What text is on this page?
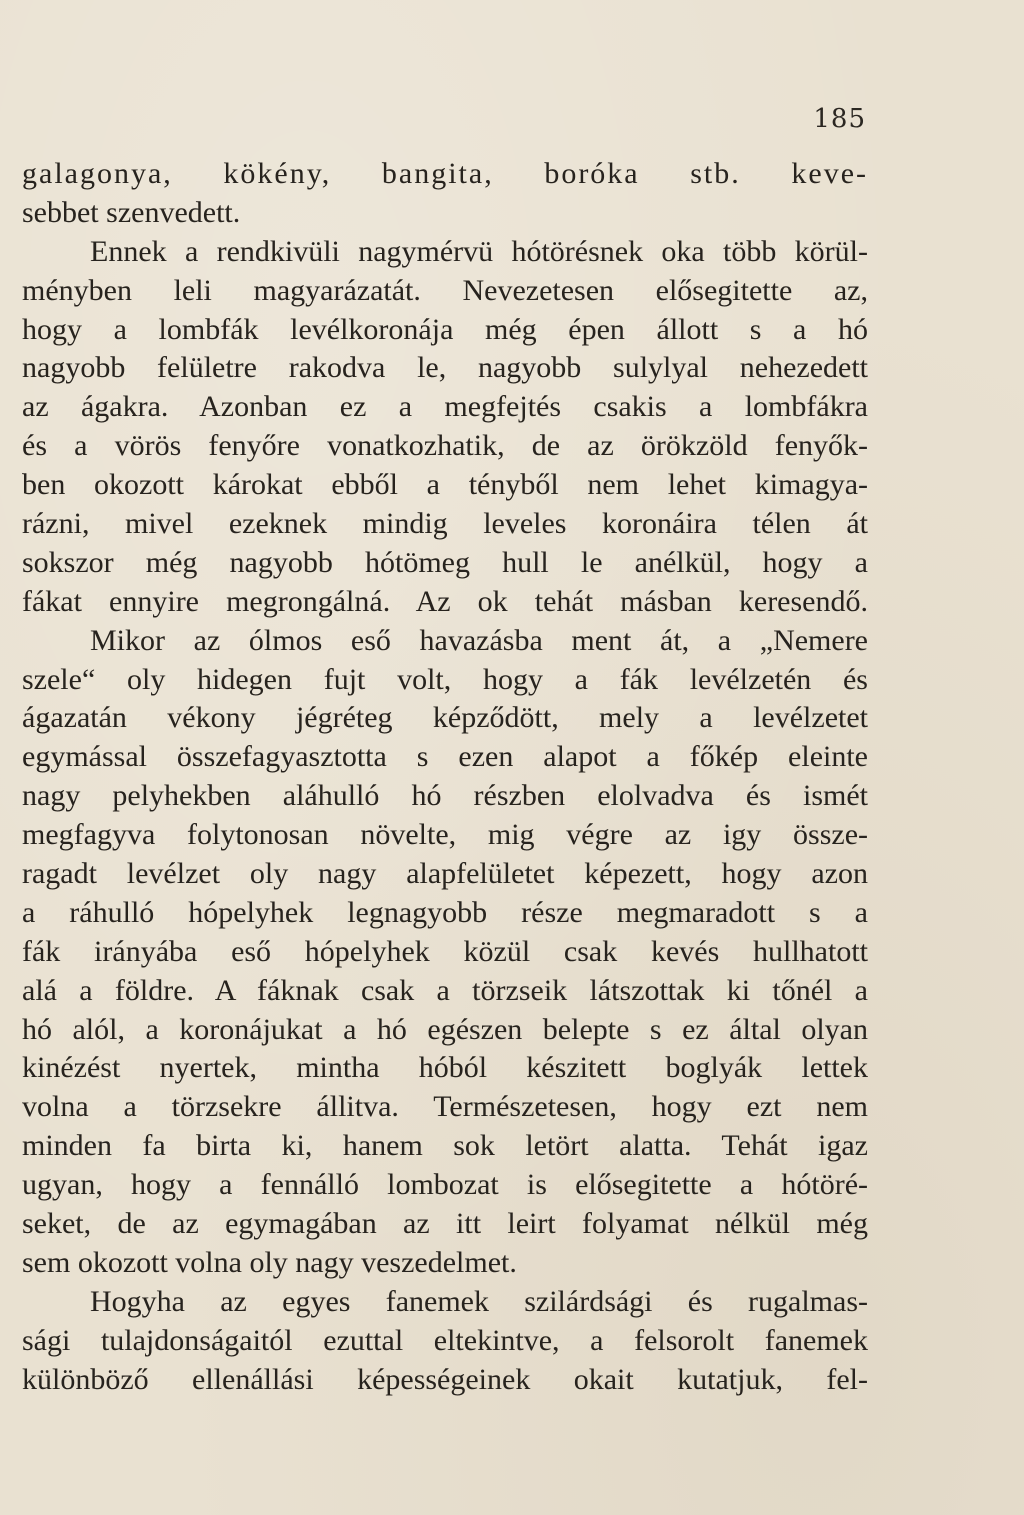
185
galagonya, kökény, bangita, boróka stb. keve-
sebbet szenvedett.
Ennek a rendkivüli nagymérvü hótörésnek oka több körül-
ményben leli magyarázatát. Nevezetesen elősegitette az,
hogy a lombfák levélkoronája még épen állott s a hó
nagyobb felületre rakodva le, nagyobb sulylyal nehezedett
az ágakra. Azonban ez a megfejtés csakis a lombfákra
és a vörös fenyőre vonatkozhatik, de az örökzöld fenyők-
ben okozott károkat ebből a tényből nem lehet kimagya-
rázni, mivel ezeknek mindig leveles koronáira télen át
sokszor még nagyobb hótömeg hull le anélkül, hogy a
fákat ennyire megrongálná. Az ok tehát másban keresendő.
Mikor az ólmos eső havazásba ment át, a „Nemere
szele“ oly hidegen fujt volt, hogy a fák levélzetén és
ágazatán vékony jégréteg képződött, mely a levélzetet
egymással összefagyasztotta s ezen alapot a főkép eleinte
nagy pelyhekben aláhulló hó részben elolvadva és ismét
megfagyva folytonosan növelte, mig végre az igy össze-
ragadt levélzet oly nagy alapfelületet képezett, hogy azon
a ráhulló hópelyhek legnagyobb része megmaradott s a
fák irányába eső hópelyhek közül csak kevés hullhatott
alá a földre. A fáknak csak a törzseik látszottak ki tőnél a
hó alól, a koronájukat a hó egészen belepte s ez által olyan
kinézést nyertek, mintha hóból készitett boglyák lettek
volna a törzsekre állitva. Természetesen, hogy ezt nem
minden fa birta ki, hanem sok letört alatta. Tehát igaz
ugyan, hogy a fennálló lombozat is elősegitette a hótöré-
seket, de az egymagában az itt leirt folyamat nélkül még
sem okozott volna oly nagy veszedelmet.
Hogyha az egyes fanemek szilárdsági és rugalmas-
sági tulajdonságaitól ezuttal eltekintve, a felsorolt fanemek
különböző ellenállási képességeinek okait kutatjuk, fel-
